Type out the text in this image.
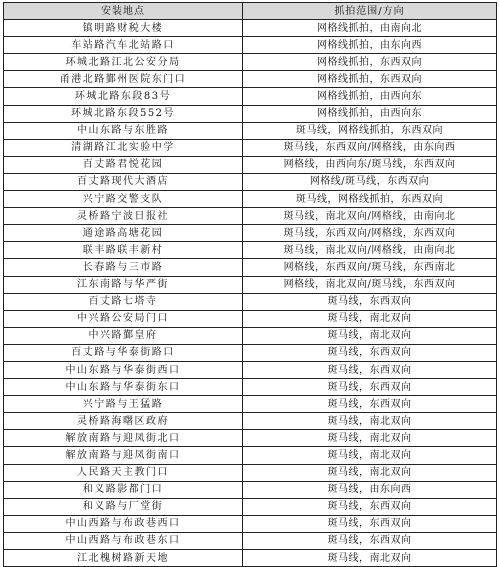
安装地点	抓拍范围/方向
镇明路财税大楼	网格线抓拍，由南向北
车站路汽车北站路口	网格线抓拍，由东向西
环城北路江北公安分局	网格线抓拍，东西双向
甬港北路鄞州医院东门口	网格线抓拍，东西双向
环城北路东段83号	网格线抓拍，由西向东
环城北路东段552号	网格线抓拍，由西向东
中山东路与东胜路	斑马线，网格线抓拍，东西双向
清湖路江北实验中学	斑马线，东西双向/网格线，由东向西
百丈路君悦花园	网格线，由西向东/斑马线，东西双向
百丈路现代大酒店	网格线/斑马线，东西双向
兴宁路交警支队	斑马线，网格线抓拍，东西双向
灵桥路宁波日报社	斑马线，南北双向/网格线，由南向北
通途路高塘花园	斑马线，东西双向/网格线，东西双向
联丰路联丰新村	斑马线，南北双向/网格线，由南向北
长春路与三市路	网格线，东西双向/斑马线，东西南北
江东南路与华严街	网格线，南北双向/斑马线，东西双向
百丈路七塔寺	斑马线，东西双向
中兴路公安局门口	斑马线，南北双向
中兴路鄞皇府	斑马线，南北双向
百丈路与华泰街路口	斑马线，东西双向
中山东路与华泰街西口	斑马线，东西双向
中山东路与华泰街东口	斑马线，东西双向
兴宁路与王猛路	斑马线，东西双向
灵桥路海曙区政府	斑马线，南北双向
解放南路与迎凤街北口	斑马线，南北双向
解放南路与迎凤街南口	斑马线，南北双向
人民路天主教门口	斑马线，南北双向
和义路影都门口	斑马线，由东向西
和义路与厂堂街	斑马线，东西双向
中山西路与布政巷西口	斑马线，东西双向
中山西路与布政巷东口	斑马线，东西双向
江北槐树路新天地	斑马线，南北双向
